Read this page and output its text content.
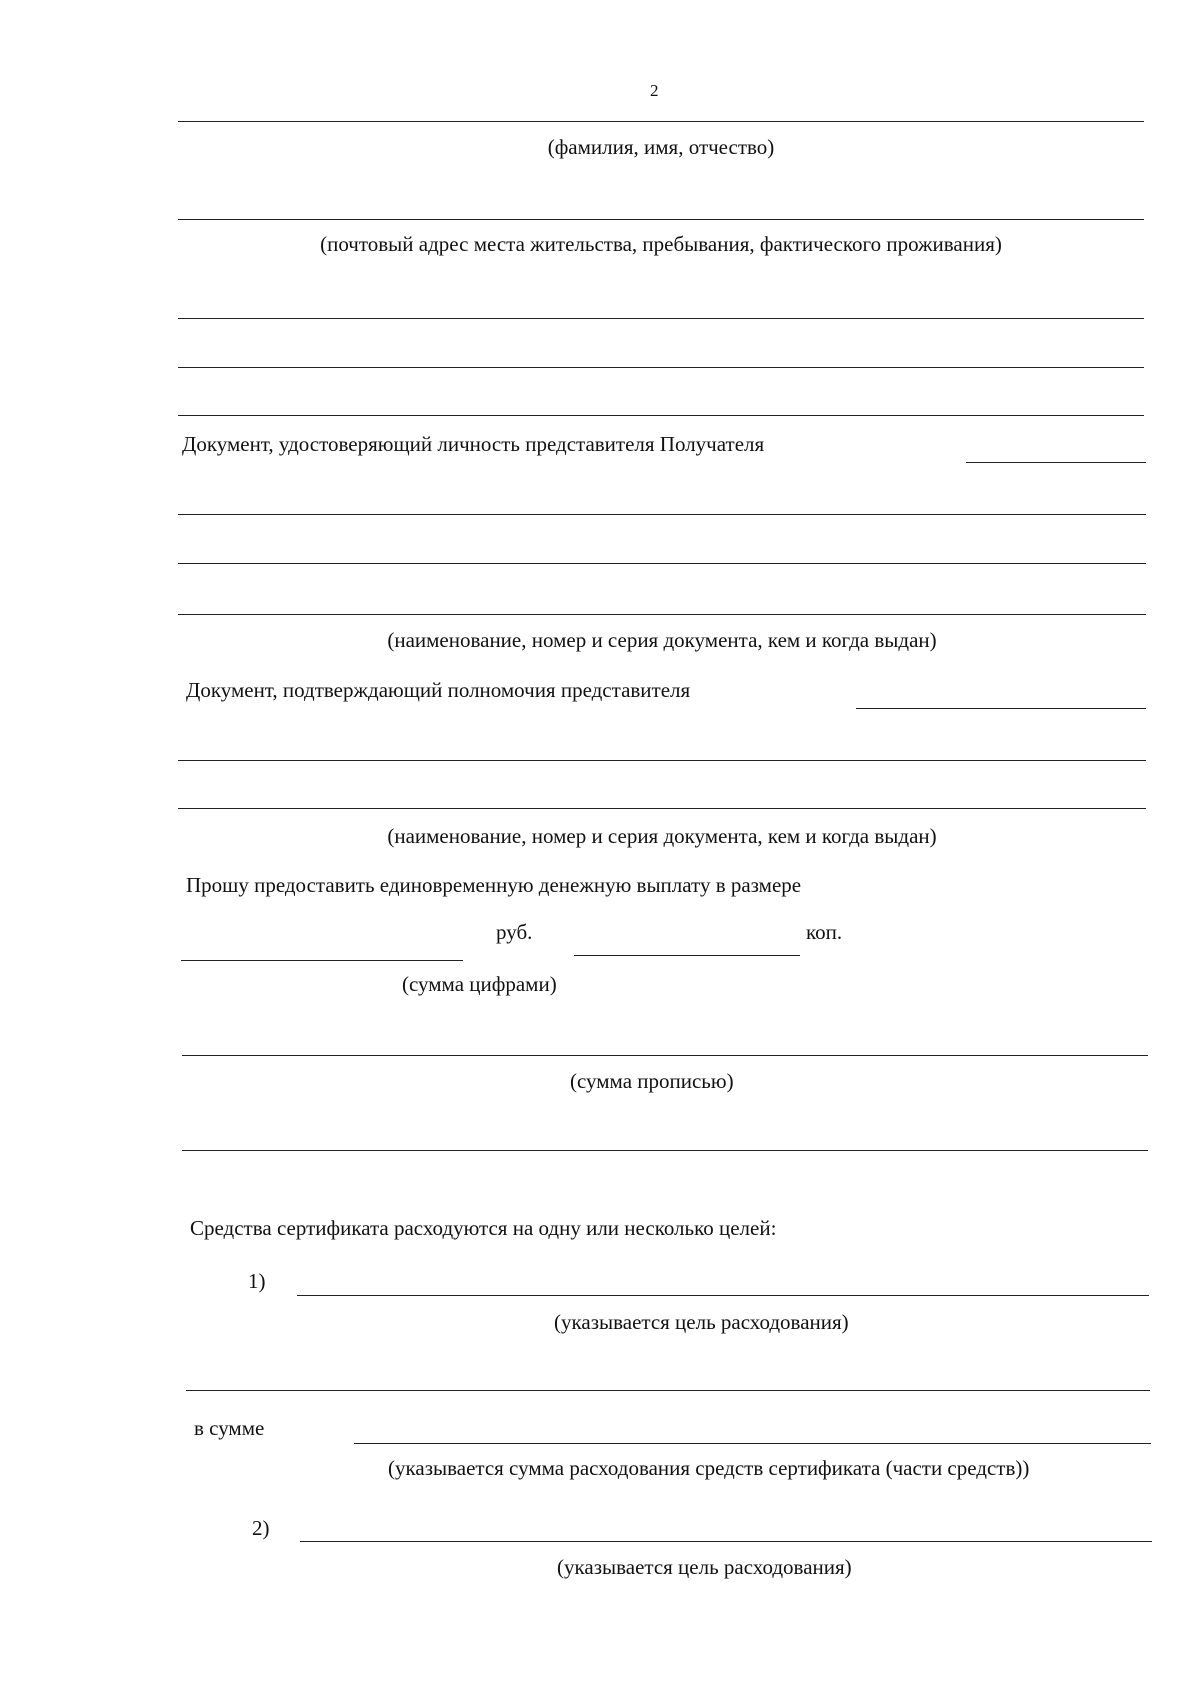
2
(фамилия, имя, отчество)
(почтовый адрес места жительства, пребывания, фактического проживания)
Документ, удостоверяющий личность представителя Получателя
(наименование, номер и серия документа, кем и когда выдан)
Документ, подтверждающий полномочия представителя
(наименование, номер и серия документа, кем и когда выдан)
Прошу предоставить единовременную денежную выплату в размере
руб.	коп.
(сумма цифрами)
(сумма прописью)
Средства сертификата расходуются на одну или несколько целей:
1)
(указывается цель расходования)
в сумме
(указывается сумма расходования средств сертификата (части средств))
2)
(указывается цель расходования)
